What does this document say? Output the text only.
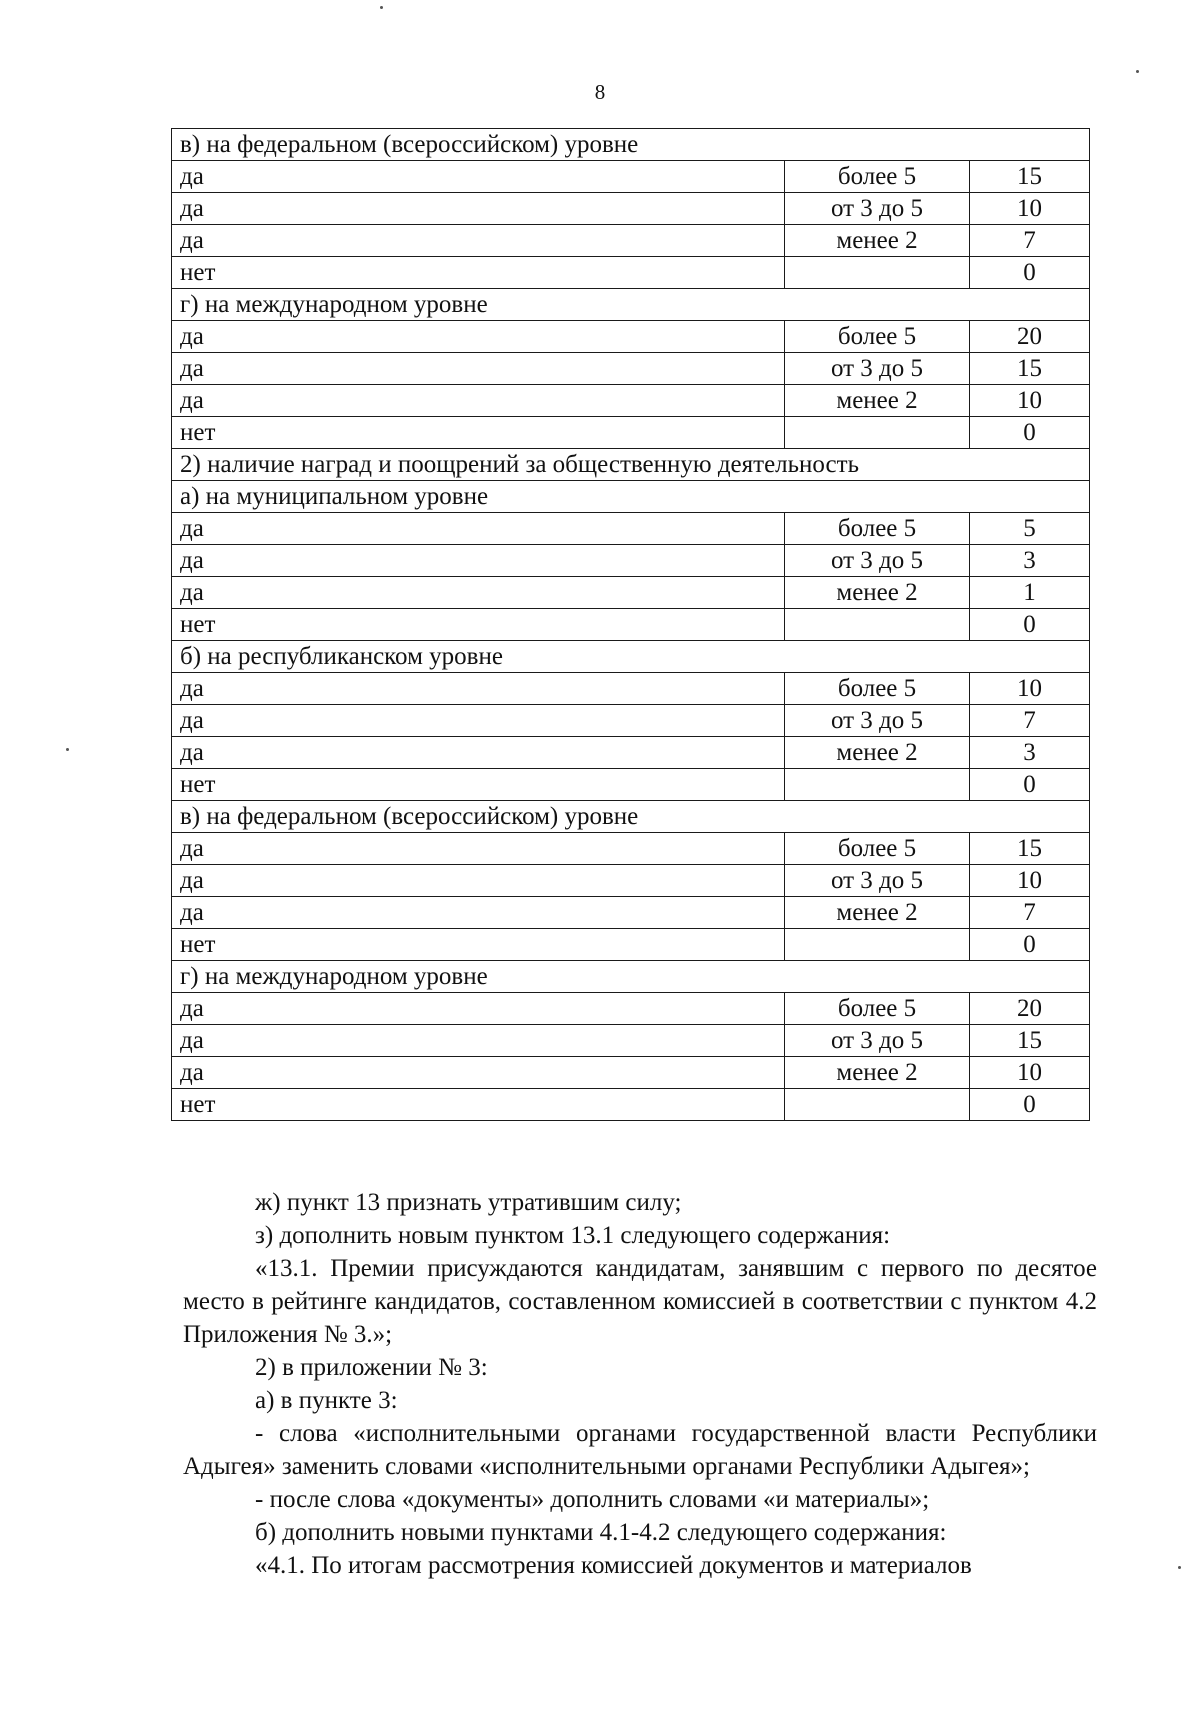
8
в) на федеральном (всероссийском) уровне		
да	более 5	15
да	от 3 до 5	10
да	менее 2	7
нет		0
г) на международном уровне		
да	более 5	20
да	от 3 до 5	15
да	менее 2	10
нет		0
2) наличие наград и поощрений за общественную деятельность		
а) на муниципальном уровне		
да	более 5	5
да	от 3 до 5	3
да	менее 2	1
нет		0
б) на республиканском уровне		
да	более 5	10
да	от 3 до 5	7
да	менее 2	3
нет		0
в) на федеральном (всероссийском) уровне		
да	более 5	15
да	от 3 до 5	10
да	менее 2	7
нет		0
г) на международном уровне		
да	более 5	20
да	от 3 до 5	15
да	менее 2	10
нет		0

ж) пункт 13 признать утратившим силу;

з) дополнить новым пунктом 13.1 следующего содержания:

«13.1. Премии присуждаются кандидатам, занявшим с первого по десятое место в рейтинге кандидатов, составленном комиссией в соответствии с пунктом 4.2 Приложения № 3.»;

2) в приложении № 3:

а) в пункте 3:

- слова «исполнительными органами государственной власти Республики Адыгея» заменить словами «исполнительными органами Республики Адыгея»;

- после слова «документы» дополнить словами «и материалы»;

б) дополнить новыми пунктами 4.1-4.2 следующего содержания:

«4.1. По итогам рассмотрения комиссией документов и материалов
